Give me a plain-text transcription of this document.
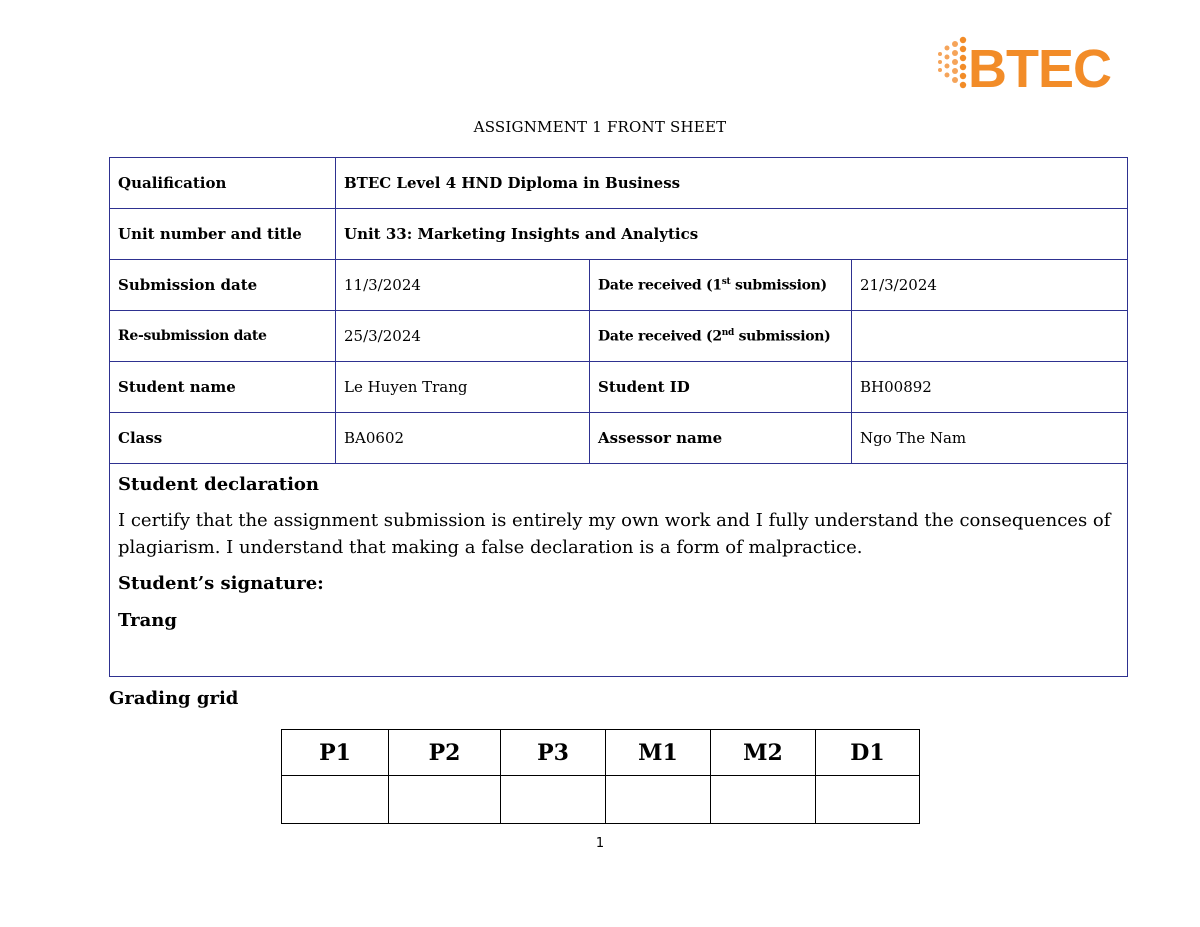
BTEC
ASSIGNMENT 1 FRONT SHEET
Qualification	BTEC Level 4 HND Diploma in Business		
Unit number and title	Unit 33: Marketing Insights and Analytics		
Submission date	11/3/2024	Date received (1st submission)	21/3/2024
Re-submission date	25/3/2024	Date received (2nd submission)	
Student name	Le Huyen Trang	Student ID	BH00892
Class	BA0602	Assessor name	Ngo The Nam

Student declaration

I certify that the assignment submission is entirely my own work and I fully understand the consequences of plagiarism. I understand that making a false declaration is a form of malpractice.

Student’s signature:

Trang			

Grading grid
P1	P2	P3	M1	M2	D1

1
